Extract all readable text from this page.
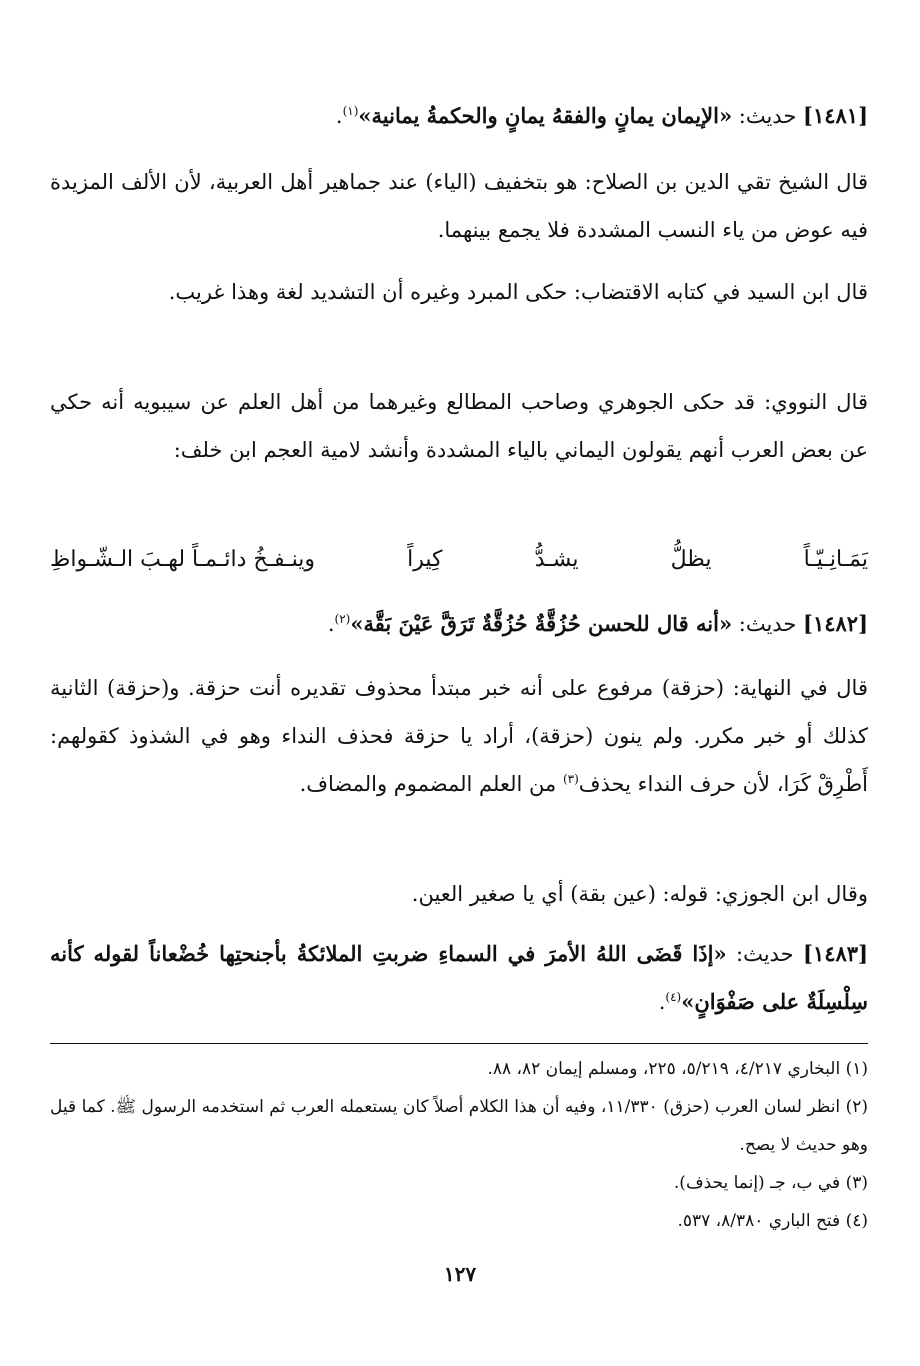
[١٤٨١] حديث: «الإيمان يمانٍ والفقهُ يمانٍ والحكمةُ يمانية»$^{(١)}$.

قال الشيخ تقي الدين بن الصلاح: هو بتخفيف (الياء) عند جماهير أهل العربية، لأن الألف المزيدة فيه عوض من ياء النسب المشددة فلا يجمع بينهما.

قال ابن السيد في كتابه الاقتضاب: حكى المبرد وغيره أن التشديد لغة وهذا غريب.

قال النووي: قد حكى الجوهري وصاحب المطالع وغيرهما من أهل العلم عن سيبويه أنه حكي عن بعض العرب أنهم يقولون اليماني بالياء المشددة وأنشد لامية العجم ابن خلف:

يَمَـانِـيّـاً
يظلُّ
يشـدُّ
كِيراً
وينـفـخُ دائـمـاً لهـبَ الـشّـواظِ

[١٤٨٢] حديث: «أنه قال للحسن حُزُقَّةٌ حُزُقَّةٌ تَرَقَّ عَيْنَ بَقَّة»$^{(٢)}$.

قال في النهاية: (حزقة) مرفوع على أنه خبر مبتدأ محذوف تقديره أنت حزقة. و(حزقة) الثانية كذلك أو خبر مكرر. ولم ينون (حزقة)، أراد يا حزقة فحذف النداء وهو في الشذوذ كقولهم: أَطْرِقْ كَرَا، لأن حرف النداء يحذف$^{(٣)}$ من العلم المضموم والمضاف.

وقال ابن الجوزي: قوله: (عين بقة) أي يا صغير العين.

[١٤٨٣] حديث: «إذَا قَضَى اللهُ الأمرَ في السماءِ ضربتِ الملائكةُ بأجنحتِها خُضْعاناً لقوله كأنه سِلْسِلَةٌ على صَفْوَانٍ»$^{(٤)}$.

(١) البخاري ٤/٢١٧، ٥/٢١٩، ٢٢٥، ومسلم إيمان ٨٢، ٨٨.

(٢) انظر لسان العرب (حزق) ١١/٣٣٠، وفيه أن هذا الكلام أصلاً كان يستعمله العرب ثم استخدمه الرسول ﷺ. كما قيل وهو حديث لا يصح.

(٣) في ب، جـ (إنما يحذف).

(٤) فتح الباري ٨/٣٨٠، ٥٣٧.

١٢٧
